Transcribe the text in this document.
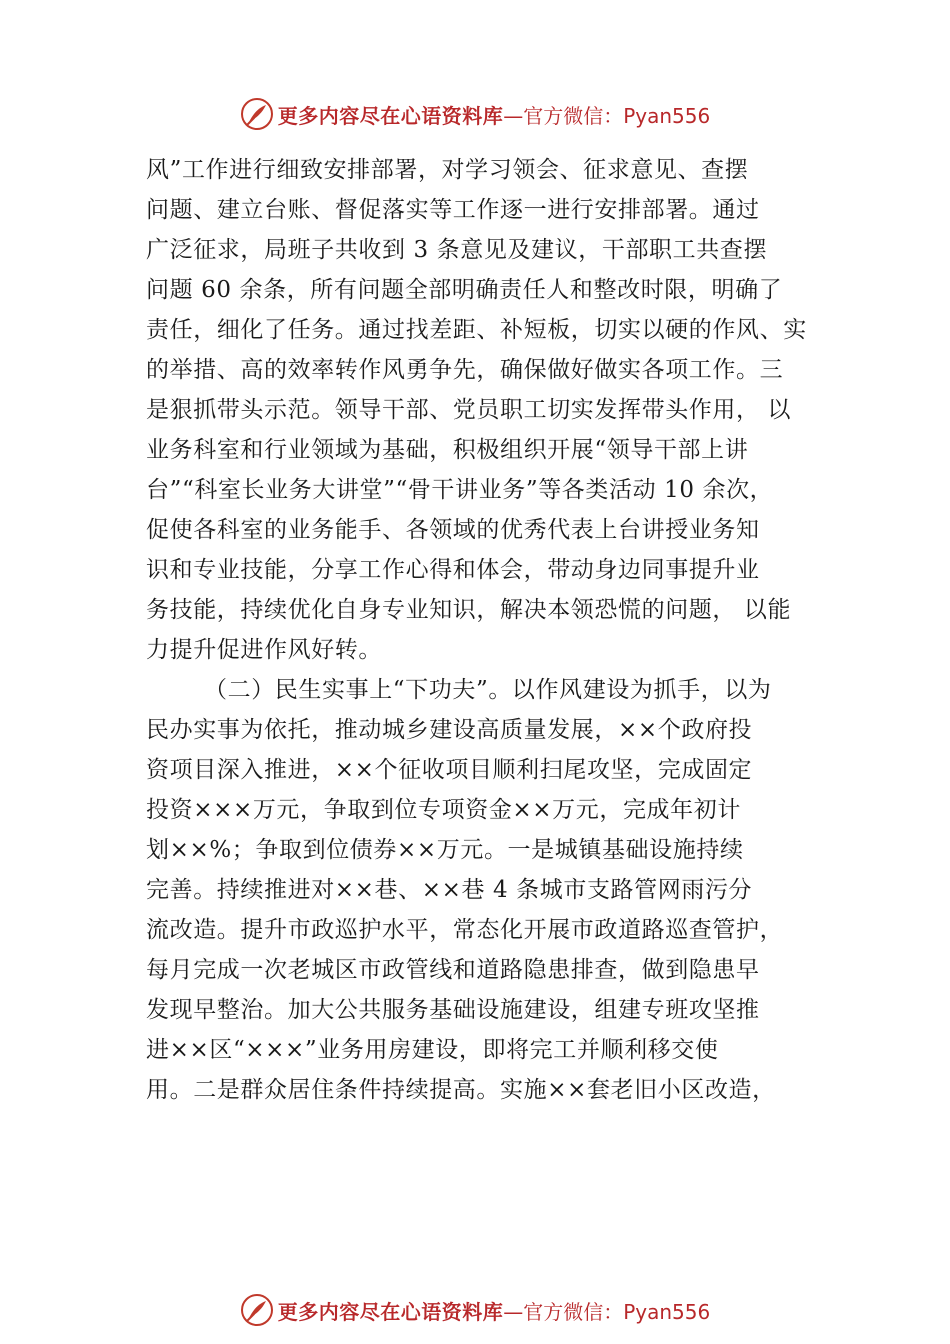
更多内容尽在心语资料库 —官方微信：Pyan556
风”工作进行细致安排部署，对学习领会、征求意见、查摆
问题、建立台账、督促落实等工作逐一进行安排部署。通过
广泛征求，局班子共收到 3 条意见及建议，干部职工共查摆
问题 60 余条，所有问题全部明确责任人和整改时限，明确了
责任，细化了任务。通过找差距、补短板，切实以硬的作风、实
的举措、高的效率转作风勇争先，确保做好做实各项工作。三
是狠抓带头示范。领导干部、党员职工切实发挥带头作用， 以
业务科室和行业领域为基础，积极组织开展“领导干部上讲
台”“科室长业务大讲堂”“骨干讲业务”等各类活动 10 余次，
促使各科室的业务能手、各领域的优秀代表上台讲授业务知
识和专业技能，分享工作心得和体会，带动身边同事提升业
务技能，持续优化自身专业知识，解决本领恐慌的问题， 以能
力提升促进作风好转。
（二）民生实事上“下功夫”。以作风建设为抓手，以为
民办实事为依托，推动城乡建设高质量发展，××个政府投
资项目深入推进，××个征收项目顺利扫尾攻坚，完成固定
投资×××万元，争取到位专项资金××万元，完成年初计
划××%；争取到位债券××万元。一是城镇基础设施持续
完善。持续推进对××巷、××巷 4 条城市支路管网雨污分
流改造。提升市政巡护水平，常态化开展市政道路巡查管护，
每月完成一次老城区市政管线和道路隐患排查，做到隐患早
发现早整治。加大公共服务基础设施建设，组建专班攻坚推
进××区“×××”业务用房建设，即将完工并顺利移交使
用。二是群众居住条件持续提高。实施××套老旧小区改造，
更多内容尽在心语资料库 —官方微信：Pyan556
